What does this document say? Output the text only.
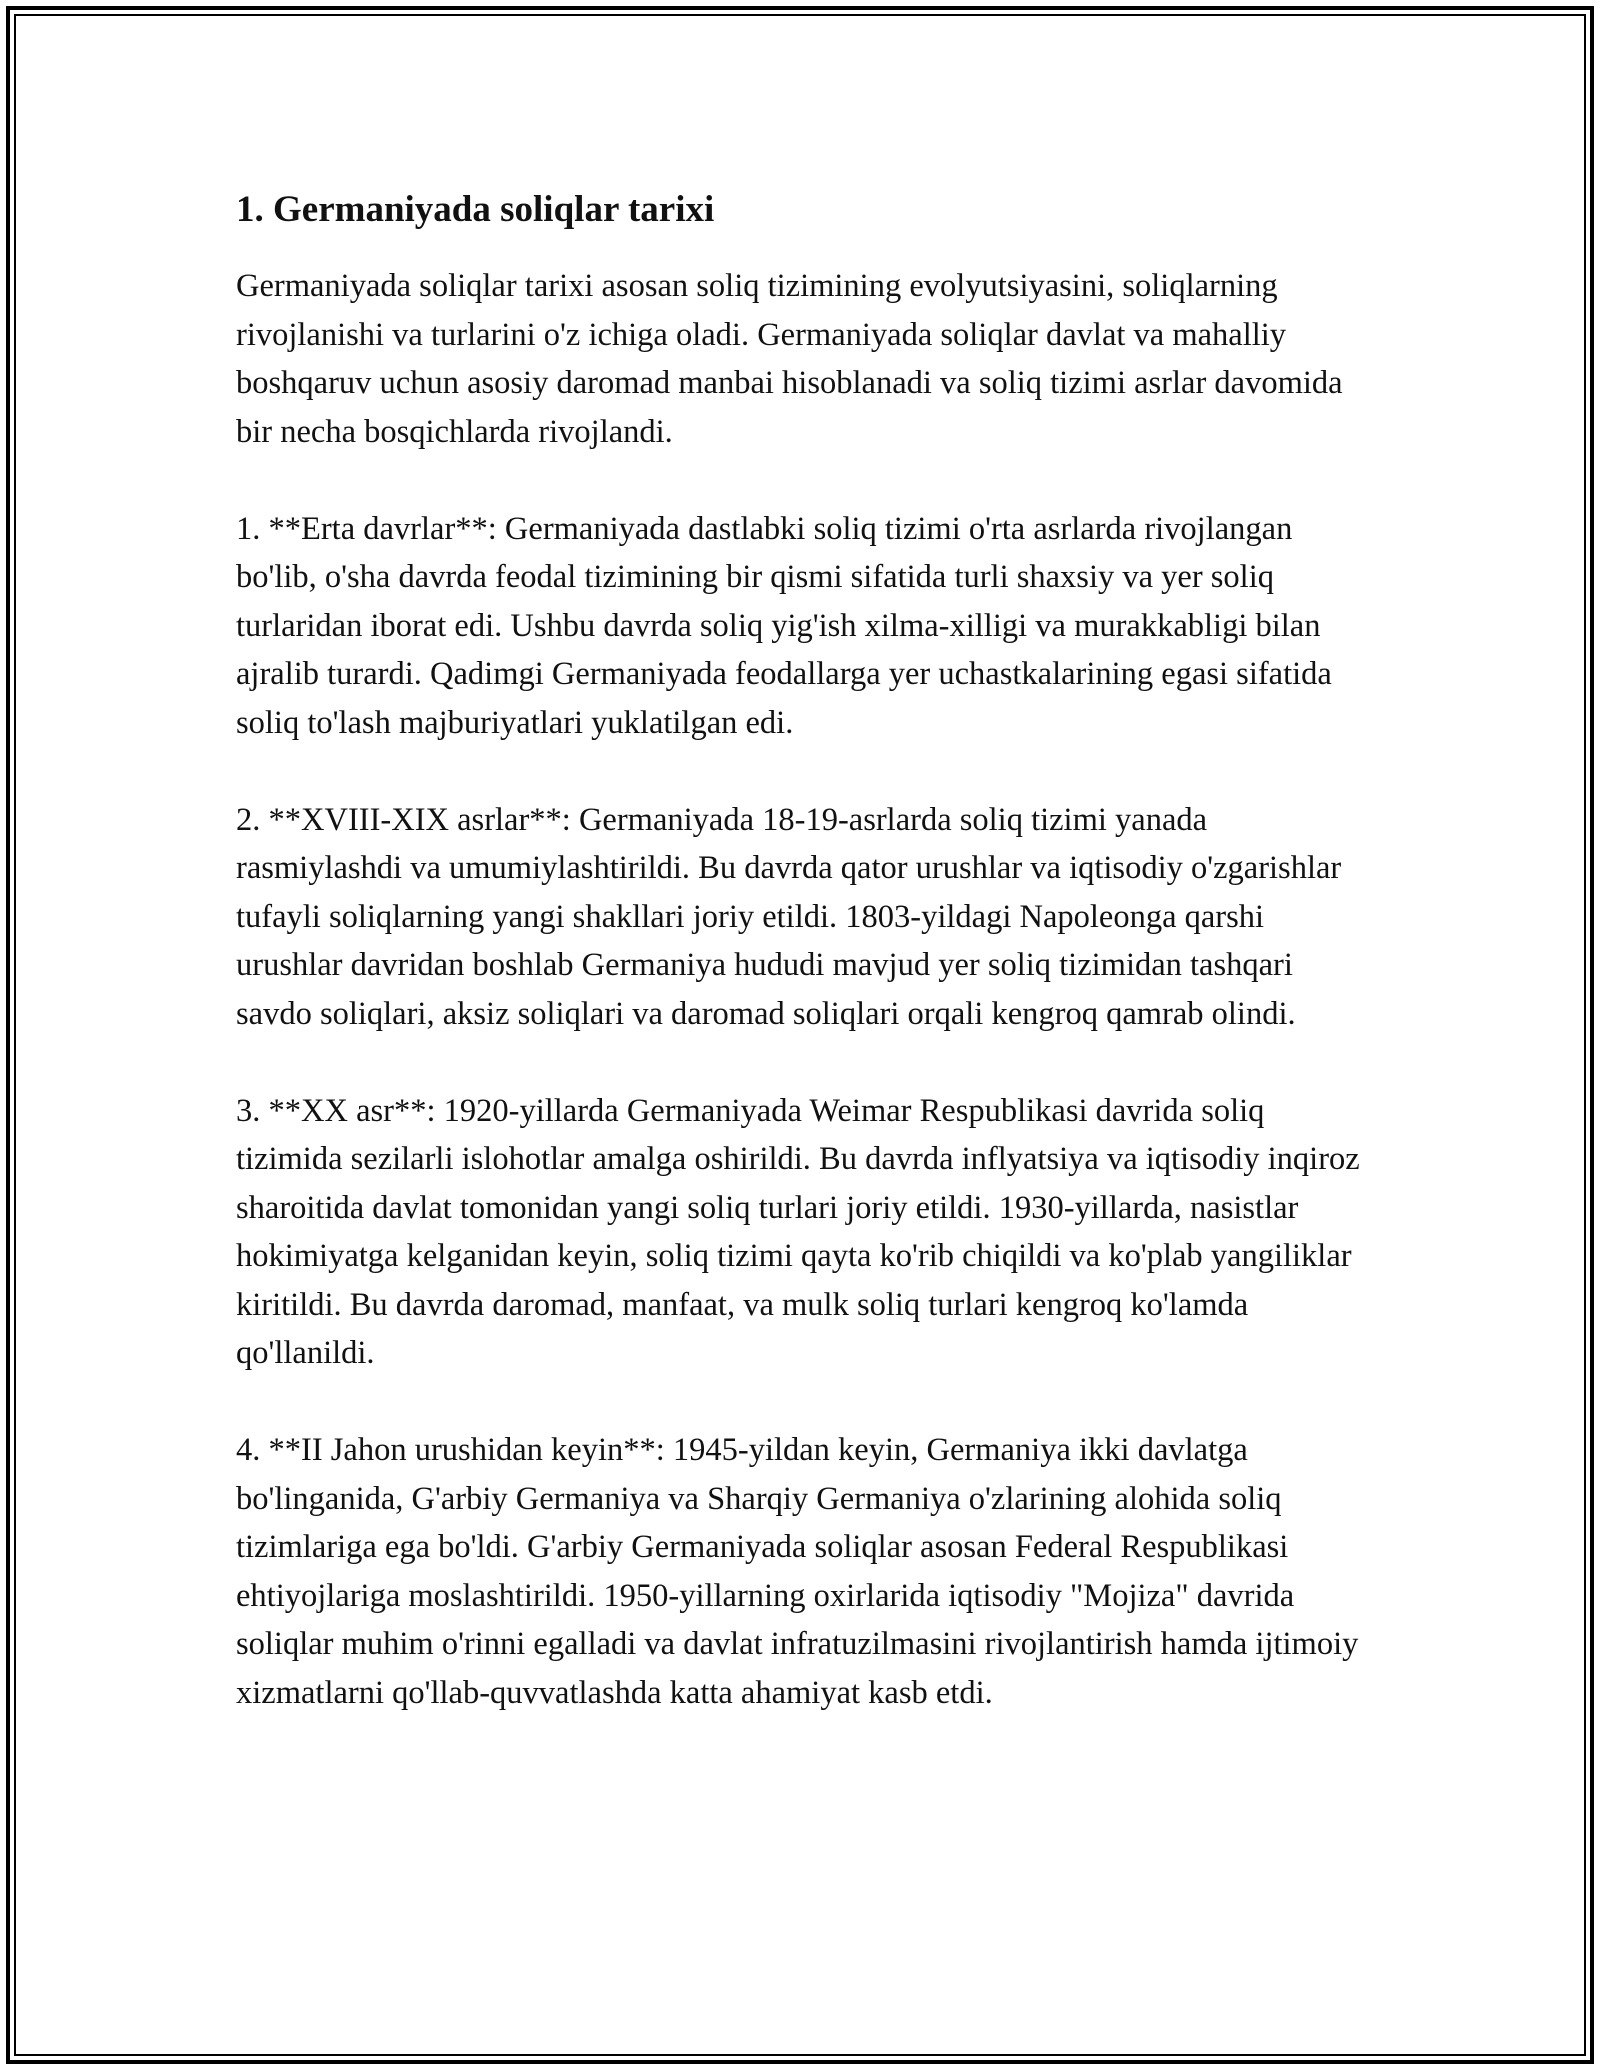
1. Germaniyada soliqlar tarixi

Germaniyada soliqlar tarixi asosan soliq tizimining evolyutsiyasini, soliqlarning rivojlanishi va turlarini o'z ichiga oladi. Germaniyada soliqlar davlat va mahalliy boshqaruv uchun asosiy daromad manbai hisoblanadi va soliq tizimi asrlar davomida bir necha bosqichlarda rivojlandi.

1. **Erta davrlar**: Germaniyada dastlabki soliq tizimi o'rta asrlarda rivojlangan bo'lib, o'sha davrda feodal tizimining bir qismi sifatida turli shaxsiy va yer soliq turlaridan iborat edi. Ushbu davrda soliq yig'ish xilma-xilligi va murakkabligi bilan ajralib turardi. Qadimgi Germaniyada feodallarga yer uchastkalarining egasi sifatida soliq to'lash majburiyatlari yuklatilgan edi.

2. **XVIII-XIX asrlar**: Germaniyada 18-19-asrlarda soliq tizimi yanada rasmiylashdi va umumiylashtirildi. Bu davrda qator urushlar va iqtisodiy o'zgarishlar tufayli soliqlarning yangi shakllari joriy etildi. 1803-yildagi Napoleonga qarshi urushlar davridan boshlab Germaniya hududi mavjud yer soliq tizimidan tashqari savdo soliqlari, aksiz soliqlari va daromad soliqlari orqali kengroq qamrab olindi.

3. **XX asr**: 1920-yillarda Germaniyada Weimar Respublikasi davrida soliq tizimida sezilarli islohotlar amalga oshirildi. Bu davrda inflyatsiya va iqtisodiy inqiroz sharoitida davlat tomonidan yangi soliq turlari joriy etildi. 1930-yillarda, nasistlar hokimiyatga kelganidan keyin, soliq tizimi qayta ko'rib chiqildi va ko'plab yangiliklar kiritildi. Bu davrda daromad, manfaat, va mulk soliq turlari kengroq ko'lamda qo'llanildi.

4. **II Jahon urushidan keyin**: 1945-yildan keyin, Germaniya ikki davlatga bo'linganida, G'arbiy Germaniya va Sharqiy Germaniya o'zlarining alohida soliq tizimlariga ega bo'ldi. G'arbiy Germaniyada soliqlar asosan Federal Respublikasi ehtiyojlariga moslashtirildi. 1950-yillarning oxirlarida iqtisodiy "Mojiza" davrida soliqlar muhim o'rinni egalladi va davlat infratuzilmasini rivojlantirish hamda ijtimoiy xizmatlarni qo'llab-quvvatlashda katta ahamiyat kasb etdi.
